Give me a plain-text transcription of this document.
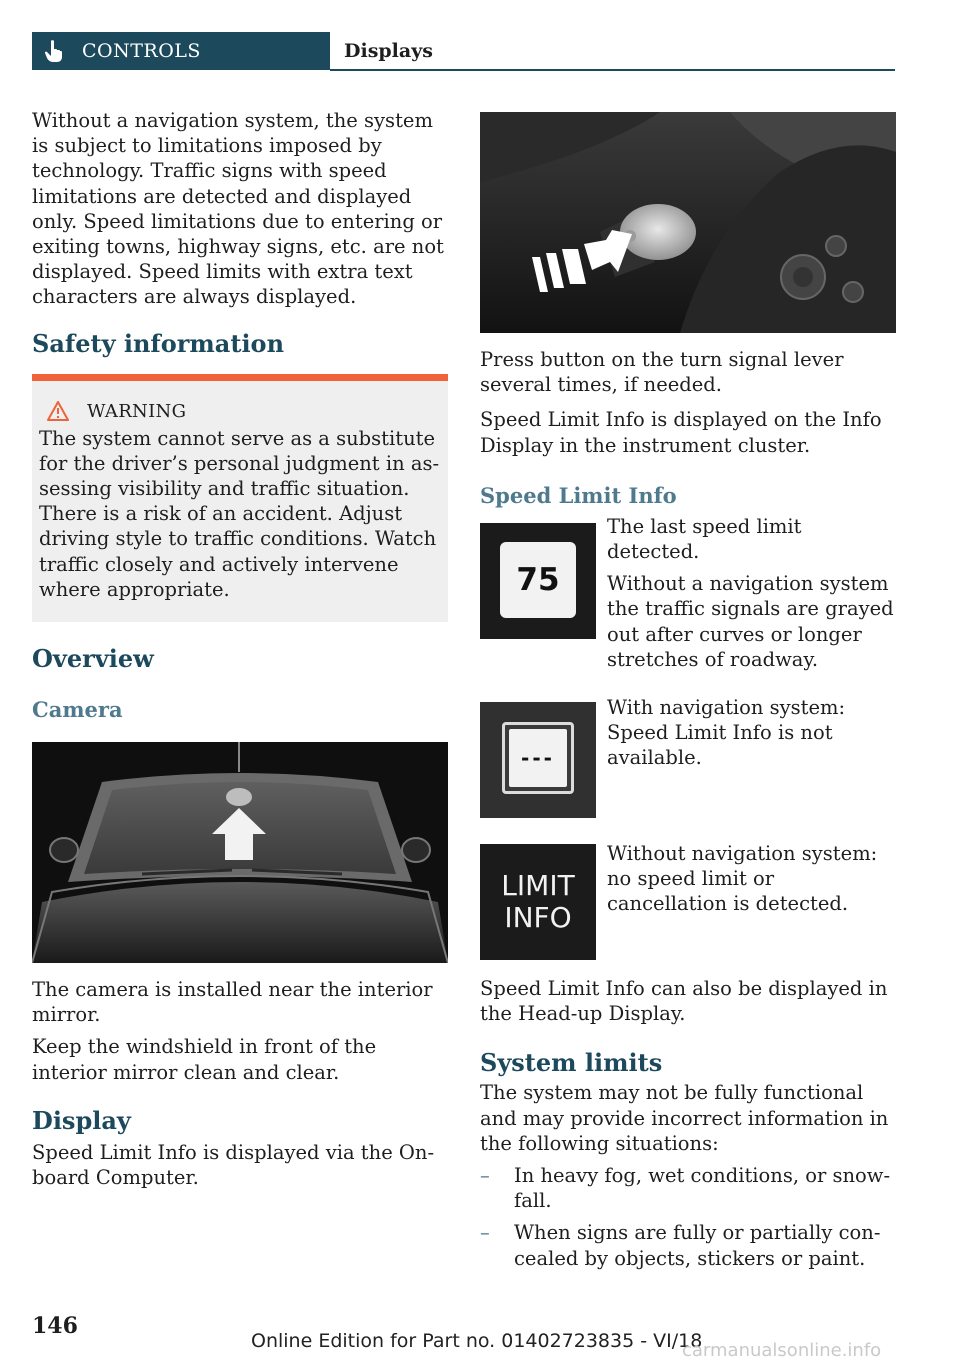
CONTROLS	Displays

Without a navigation system, the system is subject to limitations imposed by technology. Traffic signs with speed limitations are detected and displayed only. Speed limitations due to entering or exiting towns, highway signs, etc. are not displayed. Speed limits with extra text characters are always displayed.

Safety information
WARNING

The system cannot serve as a substitute for the driver’s personal judgment in assessing visibility and traffic situation. There is a risk of an accident. Adjust driving style to traffic conditions. Watch traffic closely and actively intervene where appropriate.

Overview
Camera

The camera is installed near the interior mirror.

Keep the windshield in front of the interior mirror clean and clear.

Display

Speed Limit Info is displayed via the Onboard Computer.

Press button on the turn signal lever several times, if needed.

Speed Limit Info is displayed on the Info Display in the instrument cluster.

Speed Limit Info
75

The last speed limit detected.

Without a navigation system the traffic signals are grayed out after curves or longer stretches of roadway.

---

With navigation system: Speed Limit Info is not available.

LIMIT
INFO

Without navigation system: no speed limit or cancellation is detected.

Speed Limit Info can also be displayed in the Head-up Display.

System limits

The system may not be fully functional and may provide incorrect information in the following situations:

–	In heavy fog, wet conditions, or snowfall.
–	When signs are fully or partially concealed by objects, stickers or paint.
146
Online Edition for Part no. 01402723835 - VI/18
carmanualsonline.info
